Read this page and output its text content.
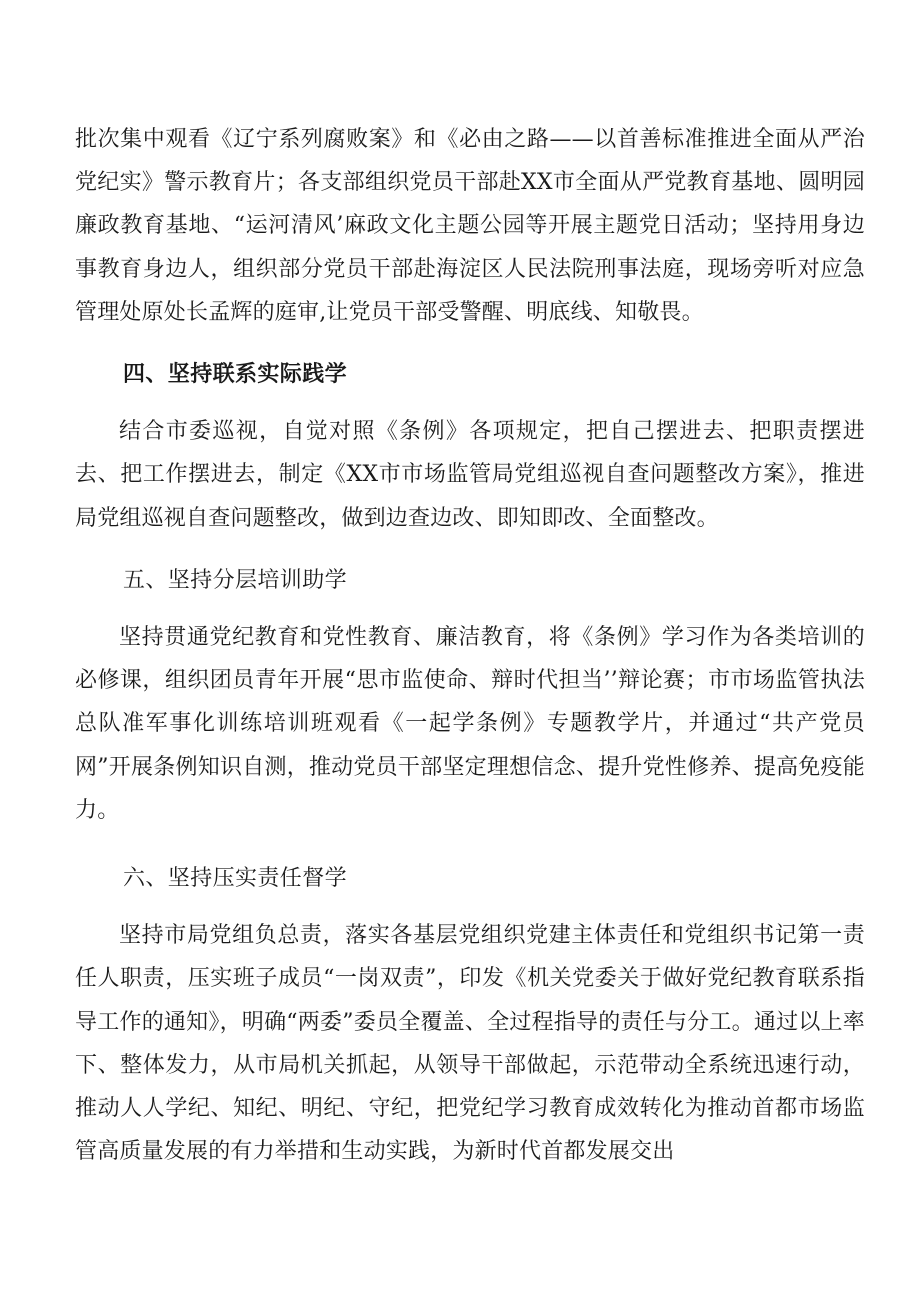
批次集中观看《辽宁系列腐败案》和《必由之路——以首善标准推进全面从严治党纪实》警示教育片；各支部组织党员干部赴XX市全面从严党教育基地、圆明园廉政教育基地、“运河清风’麻政文化主题公园等开展主题党日活动；坚持用身边事教育身边人，组织部分党员干部赴海淀区人民法院刑事法庭，现场旁听对应急管理处原处长孟辉的庭审,让党员干部受警醒、明底线、知敬畏。

四、坚持联系实际践学

结合市委巡视，自觉对照《条例》各项规定，把自己摆进去、把职责摆进去、把工作摆进去，制定《XX市市场监管局党组巡视自查问题整改方案》，推进局党组巡视自查问题整改，做到边查边改、即知即改、全面整改。

五、坚持分层培训助学

坚持贯通党纪教育和党性教育、廉洁教育，将《条例》学习作为各类培训的必修课，组织团员青年开展“思市监使命、辩时代担当’’辩论赛；市市场监管执法总队准军事化训练培训班观看《一起学条例》专题教学片，并通过“共产党员网”开展条例知识自测，推动党员干部坚定理想信念、提升党性修养、提高免疫能力。

六、坚持压实责任督学

坚持市局党组负总责，落实各基层党组织党建主体责任和党组织书记第一责任人职责，压实班子成员“一岗双责”，印发《机关党委关于做好党纪教育联系指导工作的通知》，明确“两委”委员全覆盖、全过程指导的责任与分工。通过以上率下、整体发力，从市局机关抓起，从领导干部做起，示范带动全系统迅速行动，推动人人学纪、知纪、明纪、守纪，把党纪学习教育成效转化为推动首都市场监管高质量发展的有力举措和生动实践，为新时代首都发展交出
